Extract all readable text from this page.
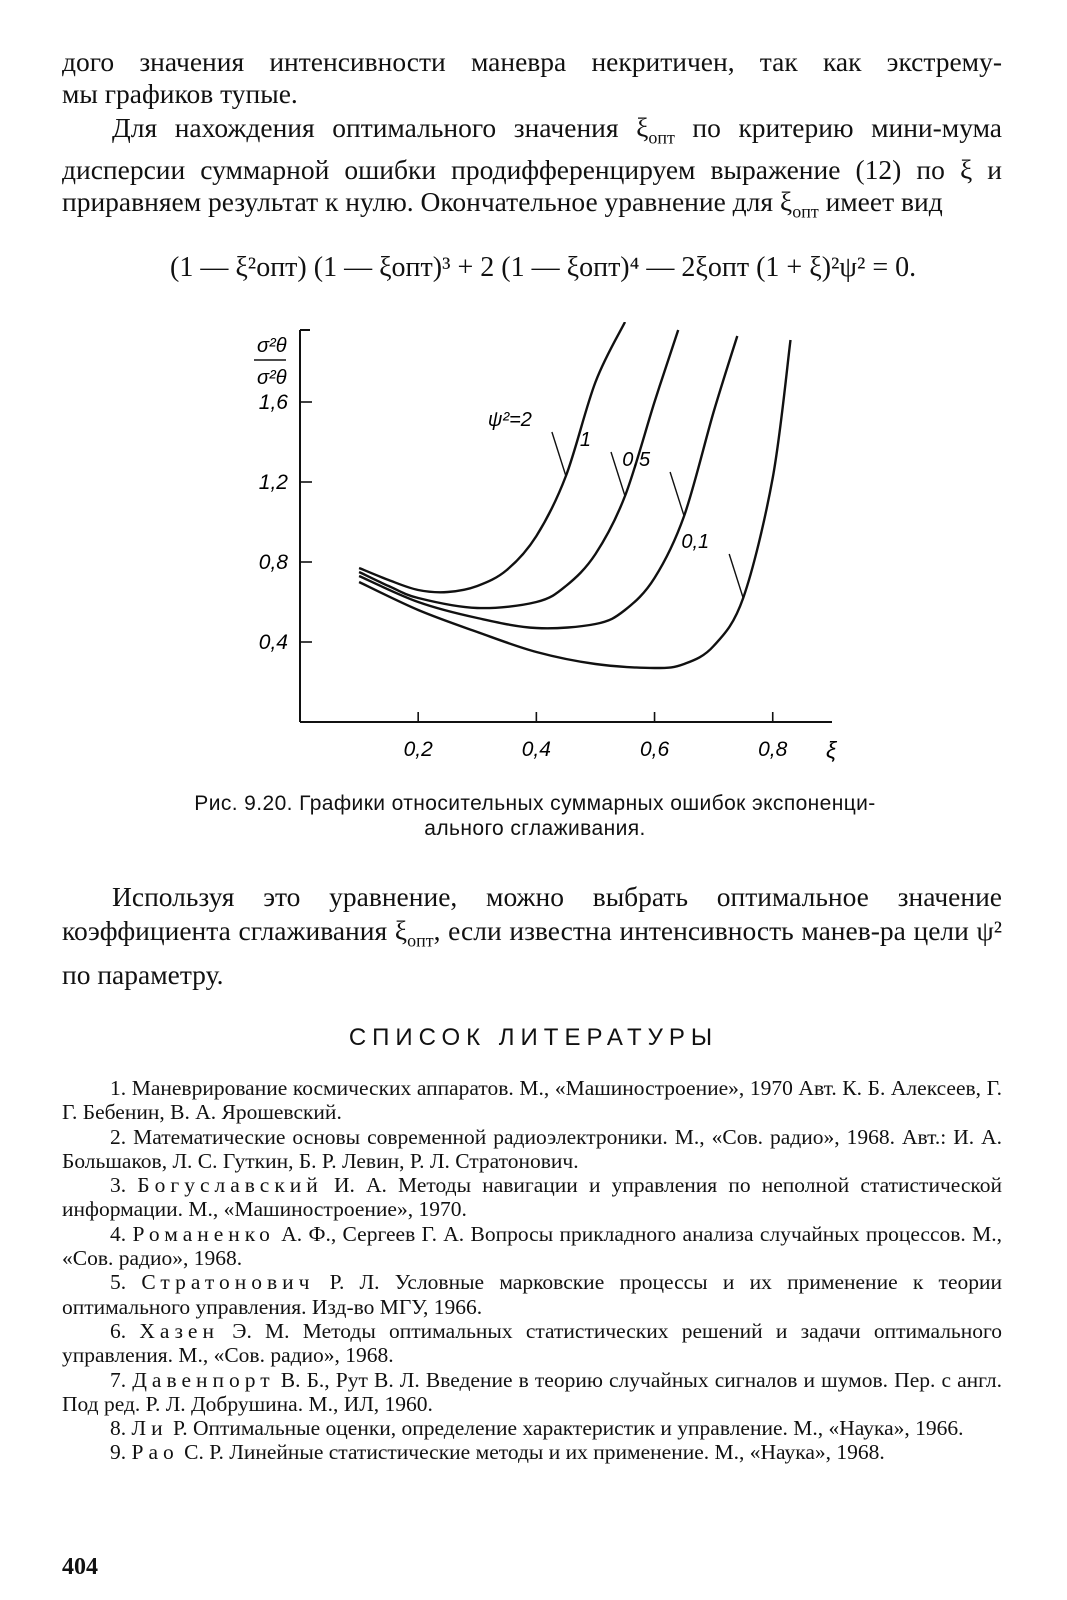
дого значения интенсивности маневра некритичен, так как экстрему-

мы графиков тупые.

Для нахождения оптимального значения $\xi_{опт}$ по критерию мини-мума дисперсии суммарной ошибки продифференцируем выражение (12) по ξ и приравняем результат к нулю. Окончательное уравнение для $\xi_{опт}$ имеет вид

(1 — ξ²опт) (1 — ξопт)³ + 2 (1 — ξопт)⁴ — 2ξопт (1 + ξ)²ψ² = 0.
0,2	0,4	0,6	0,8 ξ
0,4
0,8
1,2
1,6
ψ²=2
1
0,5
0,1
σ²θ
σ²θ
Рис. 9.20. Графики относительных суммарных ошибок экспоненци-
ального сглаживания.

Используя это уравнение, можно выбрать оптимальное значение коэффициента сглаживания $\xi_{опт}$, если известна интенсивность манев-ра цели ψ² по параметру.

СПИСОК ЛИТЕРАТУРЫ

1. Маневрирование космических аппаратов. М., «Машиностроение», 1970 Авт. К. Б. Алексеев, Г. Г. Бебенин, В. А. Ярошевский.

2. Математические основы современной радиоэлектроники. М., «Сов. радио», 1968. Авт.: И. А. Большаков, Л. С. Гуткин, Б. Р. Левин, Р. Л. Стратонович.

3. Богуславский И. А. Методы навигации и управления по неполной статистической информации. М., «Машиностроение», 1970.

4. Романенко А. Ф., Сергеев Г. А. Вопросы прикладного анализа случайных процессов. М., «Сов. радио», 1968.

5. Стратонович Р. Л. Условные марковские процессы и их применение к теории оптимального управления. Изд-во МГУ, 1966.

6. Хазен Э. М. Методы оптимальных статистических решений и задачи оптимального управления. М., «Сов. радио», 1968.

7. Давенпорт В. Б., Рут В. Л. Введение в теорию случайных сигналов и шумов. Пер. с англ. Под ред. Р. Л. Добрушина. М., ИЛ, 1960.

8. Ли Р. Оптимальные оценки, определение характеристик и управление. М., «Наука», 1966.

9. Рао С. Р. Линейные статистические методы и их применение. М., «Наука», 1968.

404
